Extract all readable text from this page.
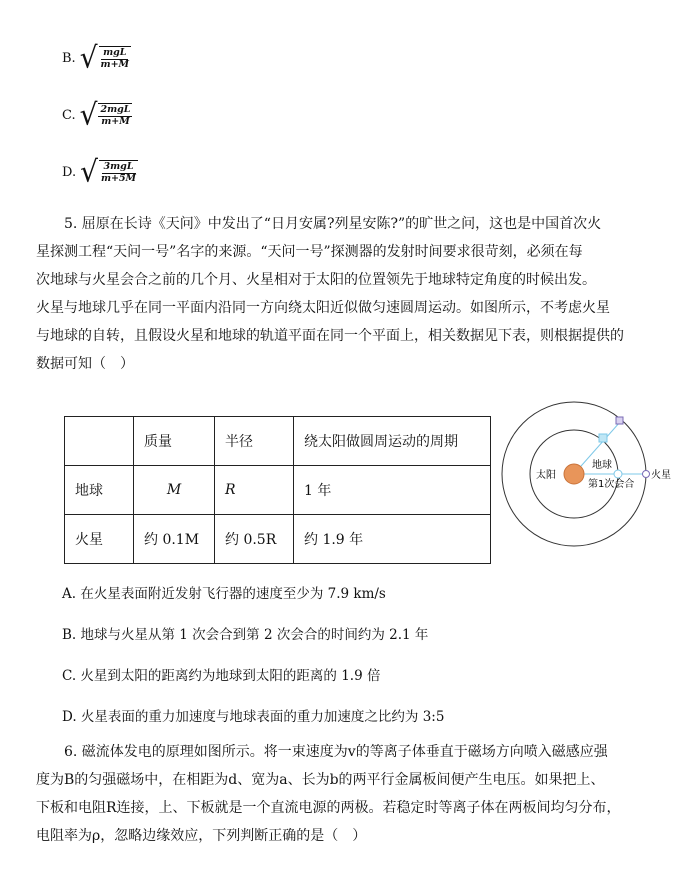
B. √ $\frac{\text{mgL}}{m+M}$
C. √ $\frac{\text{2mgL}}{m+M}$
D. √ $\frac{\text{3mgL}}{m+5M}$
5. 屈原在长诗《天问》中发出了“日月安属?列星安陈?”的旷世之问，这也是中国首次火
星探测工程“天问一号”名字的来源。“天问一号”探测器的发射时间要求很苛刻，必须在每
次地球与火星会合之前的几个月、火星相对于太阳的位置领先于地球特定角度的时候出发。
火星与地球几乎在同一平面内沿同一方向绕太阳近似做匀速圆周运动。如图所示，不考虑火星
与地球的自转，且假设火星和地球的轨道平面在同一个平面上，相关数据见下表，则根据提供的
数据可知（　）
	质量	半径	绕太阳做圆周运动的周期
地球	M	R	1 年
火星	约 0.1M	约 0.5R	约 1.9 年
太阳
地球
火星
第1次会合
A. 在火星表面附近发射飞行器的速度至少为 7.9 km/s
B. 地球与火星从第 1 次会合到第 2 次会合的时间约为 2.1 年
C. 火星到太阳的距离约为地球到太阳的距离的 1.9 倍
D. 火星表面的重力加速度与地球表面的重力加速度之比约为 3:5
6. 磁流体发电的原理如图所示。将一束速度为v的等离子体垂直于磁场方向喷入磁感应强
度为B的匀强磁场中，在相距为d、宽为a、长为b的两平行金属板间便产生电压。如果把上、
下板和电阻R连接，上、下板就是一个直流电源的两极。若稳定时等离子体在两板间均匀分布，
电阻率为ρ，忽略边缘效应，下列判断正确的是（　）
